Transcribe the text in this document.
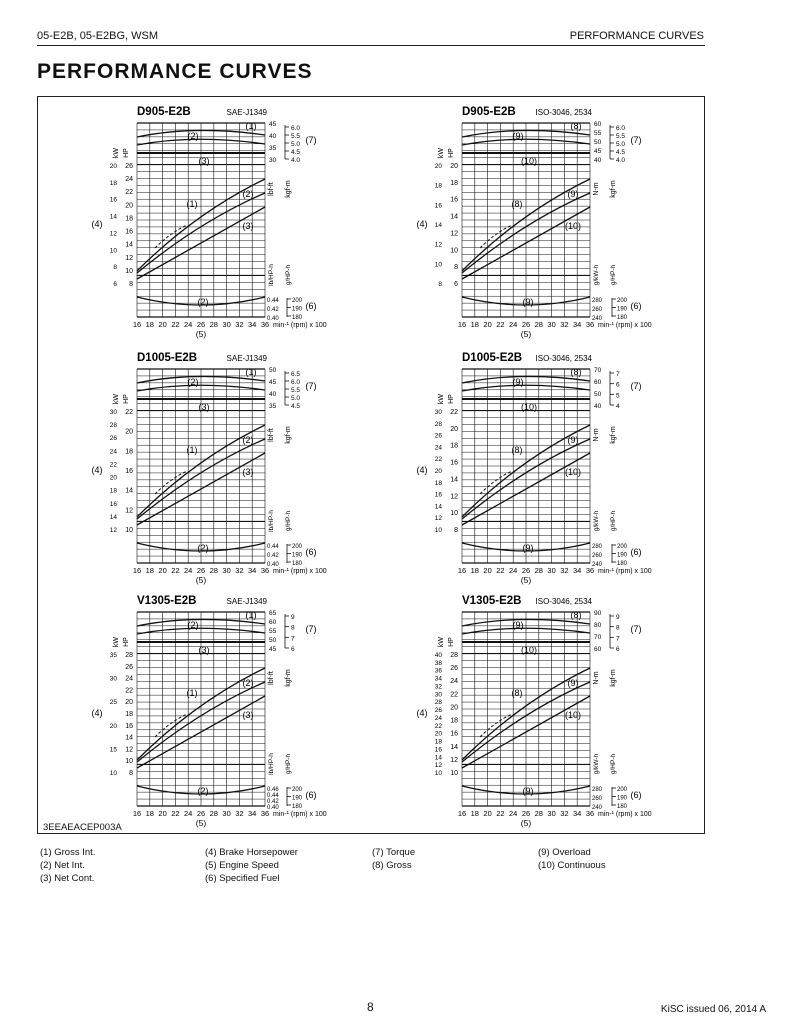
05-E2B, 05-E2BG, WSM	PERFORMANCE CURVES
PERFORMANCE CURVES
D905-E2B	SAE-J1349
(1)
(2)
(3)
(1)
(2)
(3)
(2)
kW HP
26
24
22
20
18
16
14
12
10
8
20
18
16
14
12
10
8
6
45
40
35
30
6.0
5.5
5.0
4.5
4.0
lbf-ft kgf-m
(7)
lb/HP-h g/HP-h
0.44
0.42
0.40
200
190
180
(6)
(4)
16 18 20 22 24 26 28 30 32 34 36 min-¹ (rpm) x 100
(5)
D905-E2B ISO-3046, 2534
(8)
(9)
(10)
(8)
(9)
(10)
(9)
kW HP
20
18
16
14
12
10
8
6
20
18
16
14
12
10
8
60
55
50
45
40
6.0
5.5
5.0
4.5
4.0
N-m kgf-m
(7)
g/kW-h g/HP-h
280
260
240
200
190
180
(6)
(4)
16 18 20 22 24 26 28 30 32 34 36 min-¹ (rpm) x 100
(5)
D1005-E2B	SAE-J1349
(1)
(2)
(3)
(1)
(2)
(3)
(2)
kW HP
22
20
18
16
14
12
10
30
28
26
24
22
20
18
16
14
12
50
45
40
35
6.5
6.0
5.5
5.0
4.5
lbf-ft kgf-m
(7)
lb/HP-h g/HP-h
0.44
0.42
0.40
200
190
180
(6)
(4)
16 18 20 22 24 26 28 30 32 34 36 min-¹ (rpm) x 100
(5)
D1005-E2B ISO-3046, 2534
(8)
(9)
(10)
(8)
(9)
(10)
(9)
kW HP
22
20
18
16
14
12
10
8
30
28
26
24
22
20
18
16
14
12
10
70
60
50
40
7
6
5
4
N-m kgf-m
(7)
g/kW-h g/HP-h
280
260
240
200
190
180
(6)
(4)
16 18 20 22 24 26 28 30 32 34 36 min-¹ (rpm) x 100
(5)
V1305-E2B	SAE-J1349
(1)
(2)
(3)
(1)
(2)
(3)
(2)
kW HP
28
26
24
22
20
18
16
14
12
10
8
35
30
25
20
15
10
65
60
55
50
45
9
8
7
6
lbf-ft kgf-m
(7)
lb/HP-h g/HP-h
0.46
0.44
0.42
0.40
200
190
180
(6)
(4)
16 18 20 22 24 26 28 30 32 34 36 min-¹ (rpm) x 100
(5)
V1305-E2B ISO-3046, 2534
(8)
(9)
(10)
(8)
(9)
(10)
(9)
kW HP
28
26
24
22
20
18
16
14
12
10
40
38
36
34
32
30
28
26
24
22
20
18
16
14
12
10
90
80
70
60
9
8
7
6
N-m kgf-m
(7)
g/kW-h g/HP-h
280
260
240
200
190
180
(6)
(4)
16 18 20 22 24 26 28 30 32 34 36 min-¹ (rpm) x 100
(5)
3EEAEACEP003A
(1) Gross Int.
(2) Net Int.
(3) Net Cont.
(4) Brake Horsepower
(5) Engine Speed
(6) Specified Fuel
(7) Torque
(8) Gross
(9) Overload
(10) Continuous
8	KiSC issued 06, 2014 A
